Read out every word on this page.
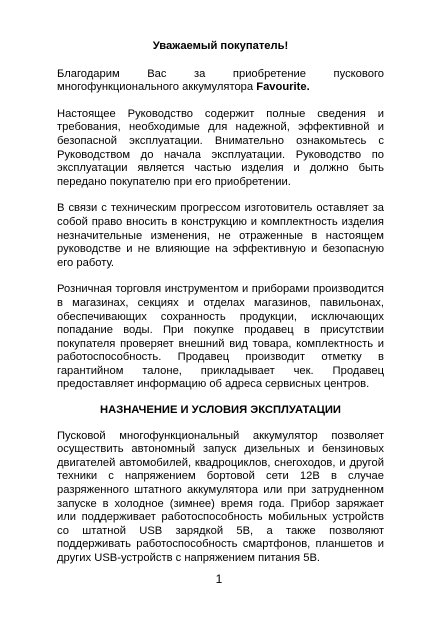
Уважаемый покупатель!

Благодарим Вас за приобретение пускового многофункционального аккумулятора Favourite.

Настоящее Руководство содержит полные сведения и требования, необходимые для надежной, эффективной и безопасной эксплуатации. Внимательно ознакомьтесь с Руководством до начала эксплуатации. Руководство по эксплуатации является частью изделия и должно быть передано покупателю при его приобретении.

В связи с техническим прогрессом изготовитель оставляет за собой право вносить в конструкцию и комплектность изделия незначительные изменения, не отраженные в настоящем руководстве и не влияющие на эффективную и безопасную его работу.

Розничная торговля инструментом и приборами производится в магазинах, секциях и отделах магазинов, павильонах, обеспечивающих сохранность продукции, исключающих попадание воды. При покупке продавец в присутствии покупателя проверяет внешний вид товара, комплектность и работоспособность. Продавец производит отметку в гарантийном талоне, прикладывает чек. Продавец предоставляет информацию об адреса сервисных центров.

НАЗНАЧЕНИЕ И УСЛОВИЯ ЭКСПЛУАТАЦИИ

Пусковой многофункциональный аккумулятор позволяет осуществить автономный запуск дизельных и бензиновых двигателей автомобилей, квадроциклов, снегоходов, и другой техники с напряжением бортовой сети 12В в случае разряженного штатного аккумулятора или при затрудненном запуске в холодное (зимнее) время года. Прибор заряжает или поддерживает работоспособность мобильных устройств со штатной USB зарядкой 5В, а также позволяют поддерживать работоспособность смартфонов, планшетов и других USB-устройств с напряжением питания 5В.

1
